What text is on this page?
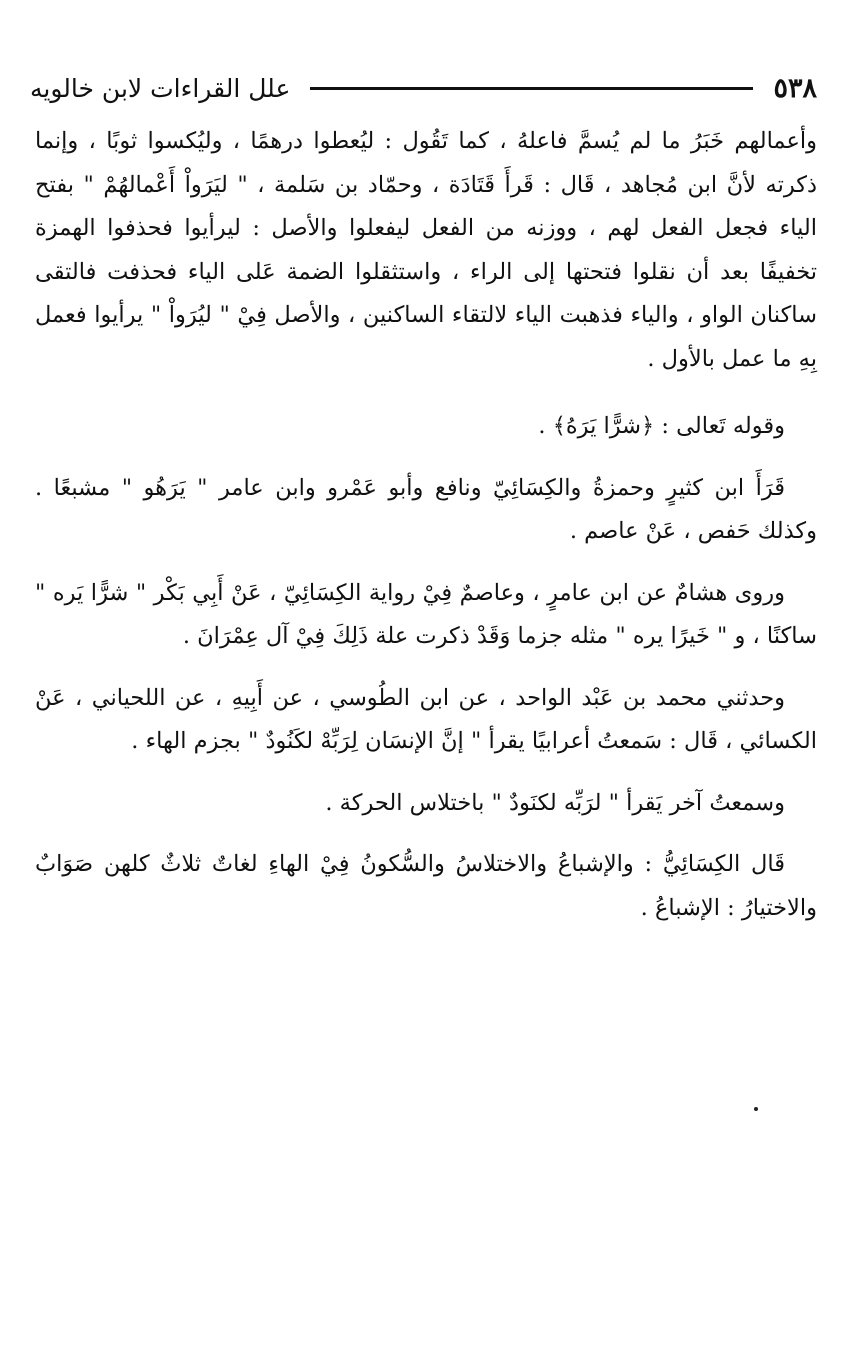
٥٣٨
علل القراءات لابن خالويه

وأعمالهم خَبَرُ ما لم يُسمَّ فاعلهُ ، كما تَقُول : ليُعطوا درهمًا ، وليُكسوا ثوبًا ، وإنما ذكرته لأنَّ ابن مُجاهد ، قَال : قَرأَ قَتَادَة ، وحمّاد بن سَلمة ، " ليَرَواْ أَعْمالهُمْ " بفتح الياء فجعل الفعل لهم ، ووزنه من الفعل ليفعلوا والأصل : ليرأيوا فحذفوا الهمزة تخفيفًا بعد أن نقلوا فتحتها إلى الراء ، واستثقلوا الضمة عَلى الياء فحذفت فالتقى ساكنان الواو ، والياء فذهبت الياء لالتقاء الساكنين ، والأصل فِيْ " ليُرَواْ " يرأيوا فعمل بِهِ ما عمل بالأول .

وقوله تَعالى : ﴿شرًّا يَرَهُ﴾ .

قَرَأَ ابن كثيرٍ وحمزةُ والكِسَائِيّ ونافع وأبو عَمْرو وابن عامر " يَرَهُو " مشبعًا . وكذلك حَفص ، عَنْ عاصم .

وروى هشامٌ عن ابن عامرٍ ، وعاصمٌ فِيْ رواية الكِسَائِيّ ، عَنْ أَبِي بَكْر " شرًّا يَره " ساكنًا ، و " خَيرًا يره " مثله جزما وَقَدْ ذكرت علة ذَلِكَ فِيْ آل عِمْرَانَ .

وحدثني محمد بن عَبْد الواحد ، عن ابن الطُوسي ، عن أَبِيهِ ، عن اللحياني ، عَنْ الكسائي ، قَال : سَمعتُ أعرابيًا يقرأ " إنَّ الإنسَان لِرَبِّهْ لكَنُودٌ " بجزم الهاء .

وسمعتُ آخر يَقرأ " لرَبِّه لكنَودٌ " باختلاس الحركة .

قَال الكِسَائِيُّ : والإشباعُ والاختلاسُ والسُّكونُ فِيْ الهاءِ لغاتٌ ثلاثٌ كلهن صَوَابٌ والاختيارُ : الإشباعُ .
